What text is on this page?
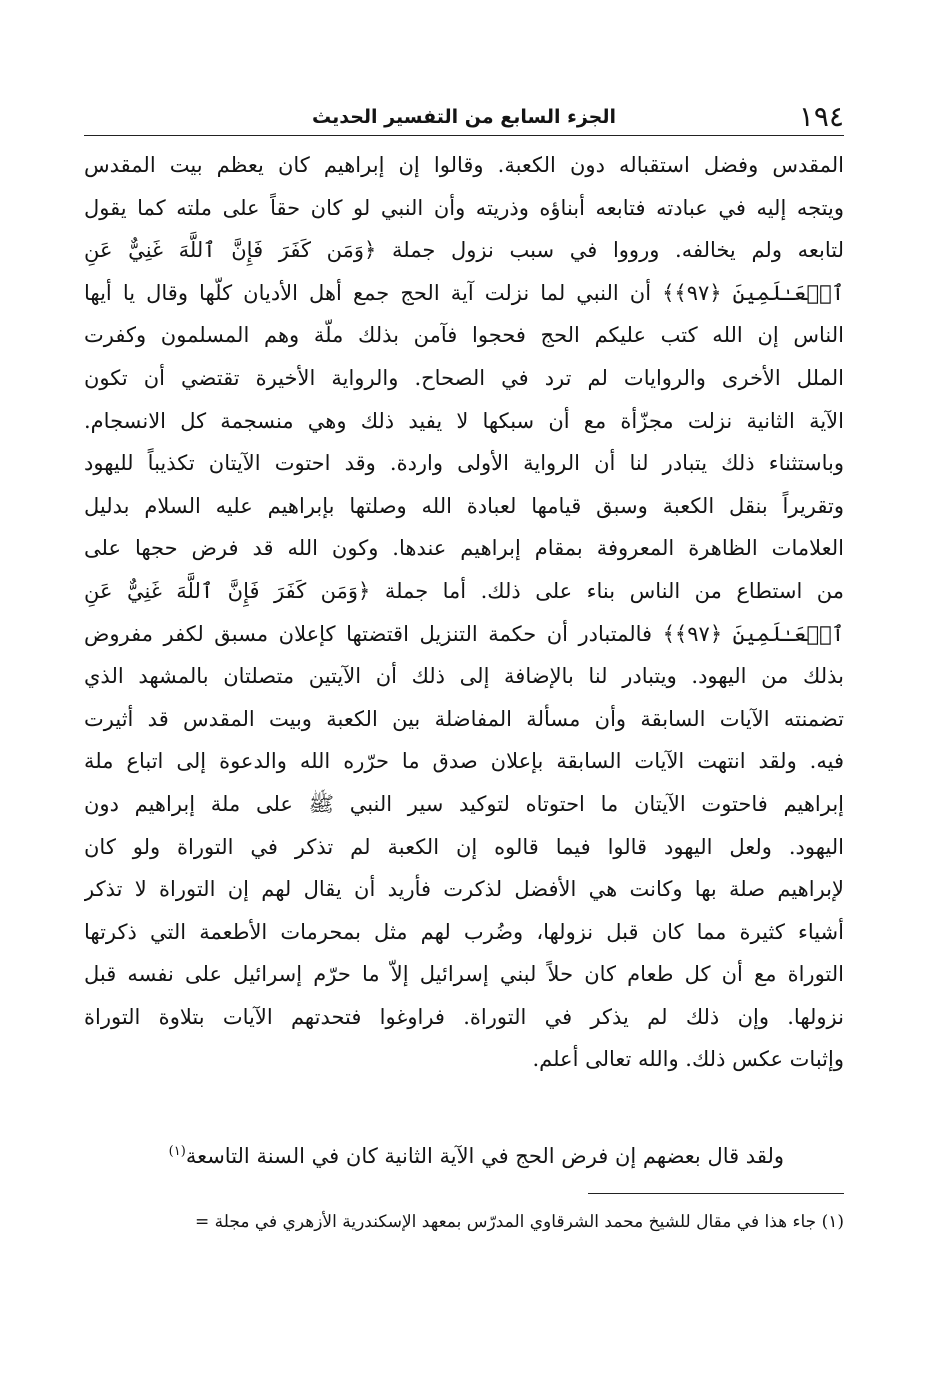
١٩٤
الجزء السابع من التفسير الحديث
المقدس وفضل استقباله دون الكعبة. وقالوا إن إبراهيم كان يعظم بيت المقدس
ويتجه إليه في عبادته فتابعه أبناؤه وذريته وأن النبي لو كان حقاً على ملته كما يقول
لتابعه ولم يخالفه. ورووا في سبب نزول جملة ﴿وَمَن كَفَرَ فَإِنَّ ٱللَّهَ غَنِيٌّ عَنِ
ٱلۡعَـٰلَمِينَ ﴿٩٧﴾﴾ أن النبي لما نزلت آية الحج جمع أهل الأديان كلّها وقال يا أيها
الناس إن الله كتب عليكم الحج فحجوا فآمن بذلك ملّة وهم المسلمون وكفرت
الملل الأخرى والروايات لم ترد في الصحاح. والرواية الأخيرة تقتضي أن تكون
الآية الثانية نزلت مجزّأة مع أن سبكها لا يفيد ذلك وهي منسجمة كل الانسجام.
وباستثناء ذلك يتبادر لنا أن الرواية الأولى واردة. وقد احتوت الآيتان تكذيباً لليهود
وتقريراً بنقل الكعبة وسبق قيامها لعبادة الله وصلتها بإبراهيم عليه السلام بدليل
العلامات الظاهرة المعروفة بمقام إبراهيم عندها. وكون الله قد فرض حجها على
من استطاع من الناس بناء على ذلك. أما جملة ﴿وَمَن كَفَرَ فَإِنَّ ٱللَّهَ غَنِيٌّ عَنِ
ٱلۡعَـٰلَمِينَ ﴿٩٧﴾﴾ فالمتبادر أن حكمة التنزيل اقتضتها كإعلان مسبق لكفر مفروض
بذلك من اليهود. ويتبادر لنا بالإضافة إلى ذلك أن الآيتين متصلتان بالمشهد الذي
تضمنته الآيات السابقة وأن مسألة المفاضلة بين الكعبة وبيت المقدس قد أثيرت
فيه. ولقد انتهت الآيات السابقة بإعلان صدق ما حرّره الله والدعوة إلى اتباع ملة
إبراهيم فاحتوت الآيتان ما احتوتاه لتوكيد سير النبي ﷺ على ملة إبراهيم دون
اليهود. ولعل اليهود قالوا فيما قالوه إن الكعبة لم تذكر في التوراة ولو كان
لإبراهيم صلة بها وكانت هي الأفضل لذكرت فأريد أن يقال لهم إن التوراة لا تذكر
أشياء كثيرة مما كان قبل نزولها، وضُرب لهم مثل بمحرمات الأطعمة التي ذكرتها
التوراة مع أن كل طعام كان حلاً لبني إسرائيل إلاّ ما حرّم إسرائيل على نفسه قبل
نزولها. وإن ذلك لم يذكر في التوراة. فراوغوا فتحدتهم الآيات بتلاوة التوراة
وإثبات عكس ذلك. والله تعالى أعلم.
ولقد قال بعضهم إن فرض الحج في الآية الثانية كان في السنة التاسعة$^{(١)}$
(١) جاء هذا في مقال للشيخ محمد الشرقاوي المدرّس بمعهد الإسكندرية الأزهري في مجلة =
